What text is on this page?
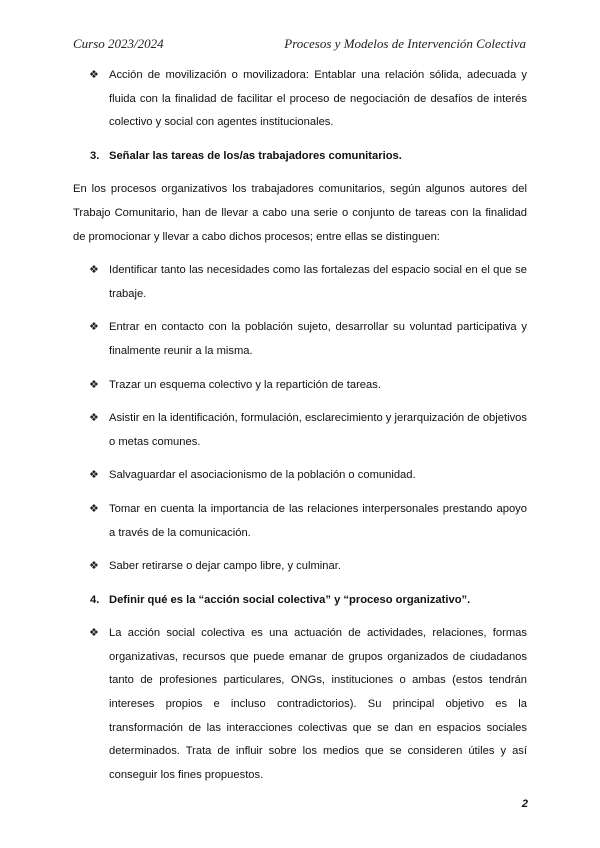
Curso 2023/2024	Procesos y Modelos de Intervención Colectiva

❖ Acción de movilización o movilizadora: Entablar una relación sólida, adecuada y fluida con la finalidad de facilitar el proceso de negociación de desafíos de interés colectivo y social con agentes institucionales.

3. Señalar las tareas de los/as trabajadores comunitarios.

En los procesos organizativos los trabajadores comunitarios, según algunos autores del Trabajo Comunitario, han de llevar a cabo una serie o conjunto de tareas con la finalidad de promocionar y llevar a cabo dichos procesos; entre ellas se distinguen:

❖ Identificar tanto las necesidades como las fortalezas del espacio social en el que se trabaje.

❖ Entrar en contacto con la población sujeto, desarrollar su voluntad participativa y finalmente reunir a la misma.

❖ Trazar un esquema colectivo y la repartición de tareas.

❖ Asistir en la identificación, formulación, esclarecimiento y jerarquización de objetivos o metas comunes.

❖ Salvaguardar el asociacionismo de la población o comunidad.

❖ Tomar en cuenta la importancia de las relaciones interpersonales prestando apoyo a través de la comunicación.

❖ Saber retirarse o dejar campo libre, y culminar.

4. Definir qué es la “acción social colectiva” y “proceso organizativo”.

❖ La acción social colectiva es una actuación de actividades, relaciones, formas organizativas, recursos que puede emanar de grupos organizados de ciudadanos tanto de profesiones particulares, ONGs, instituciones o ambas (estos tendrán intereses propios e incluso contradictorios). Su principal objetivo es la transformación de las interacciones colectivas que se dan en espacios sociales determinados. Trata de influir sobre los medios que se consideren útiles y así conseguir los fines propuestos.

2
